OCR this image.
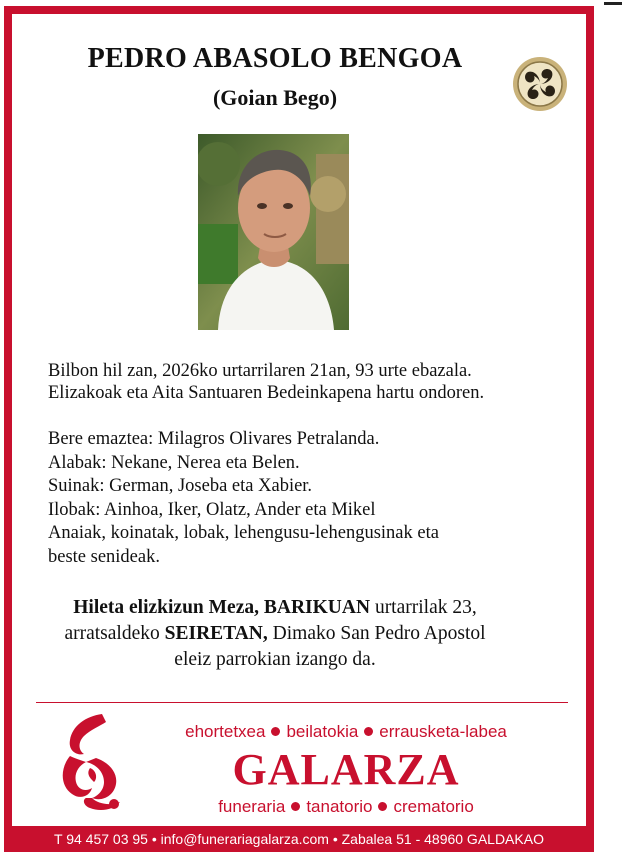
PEDRO ABASOLO BENGOA
(Goian Bego)
Bilbon hil zan, 2026ko urtarrilaren 21an, 93 urte ebazala.
Elizakoak eta Aita Santuaren Bedeinkapena hartu ondoren.
Bere emaztea: Milagros Olivares Petralanda.
Alabak: Nekane, Nerea eta Belen.
Suinak: German, Joseba eta Xabier.
Ilobak: Ainhoa, Iker, Olatz, Ander eta Mikel
Anaiak, koinatak, lobak, lehengusu-lehengusinak eta
beste senideak.
Hileta elizkizun Meza, BARIKUAN urtarrilak 23,
arratsaldeko SEIRETAN, Dimako San Pedro Apostol
eleiz parrokian izango da.
ehortetxea beilatokia errausketa-labea
GALARZA
funeraria tanatorio crematorio
T 94 457 03 95 • info@funerariagalarza.com • Zabalea 51 - 48960 GALDAKAO
